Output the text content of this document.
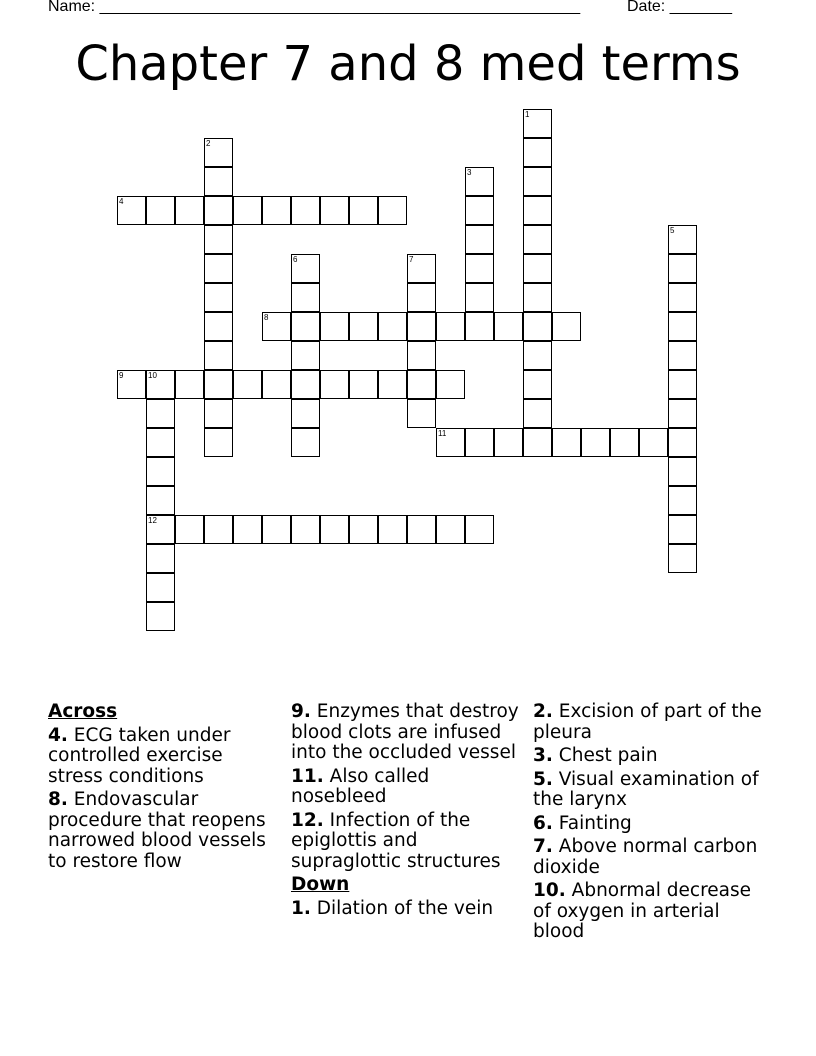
Name: ______________________________________________________	Date: _______
Chapter 7 and 8 med terms
1
2
3
4
5
6	7
8
9	10
12
11
Across
4. ECG taken under controlled exercise stress conditions
8. Endovascular procedure that reopens narrowed blood vessels to restore flow
9. Enzymes that destroy blood clots are infused into the occluded vessel
11. Also called nosebleed
12. Infection of the epiglottis and supraglottic structures
Down
1. Dilation of the vein
2. Excision of part of the pleura
3. Chest pain
5. Visual examination of the larynx
6. Fainting
7. Above normal carbon dioxide
10. Abnormal decrease of oxygen in arterial blood
